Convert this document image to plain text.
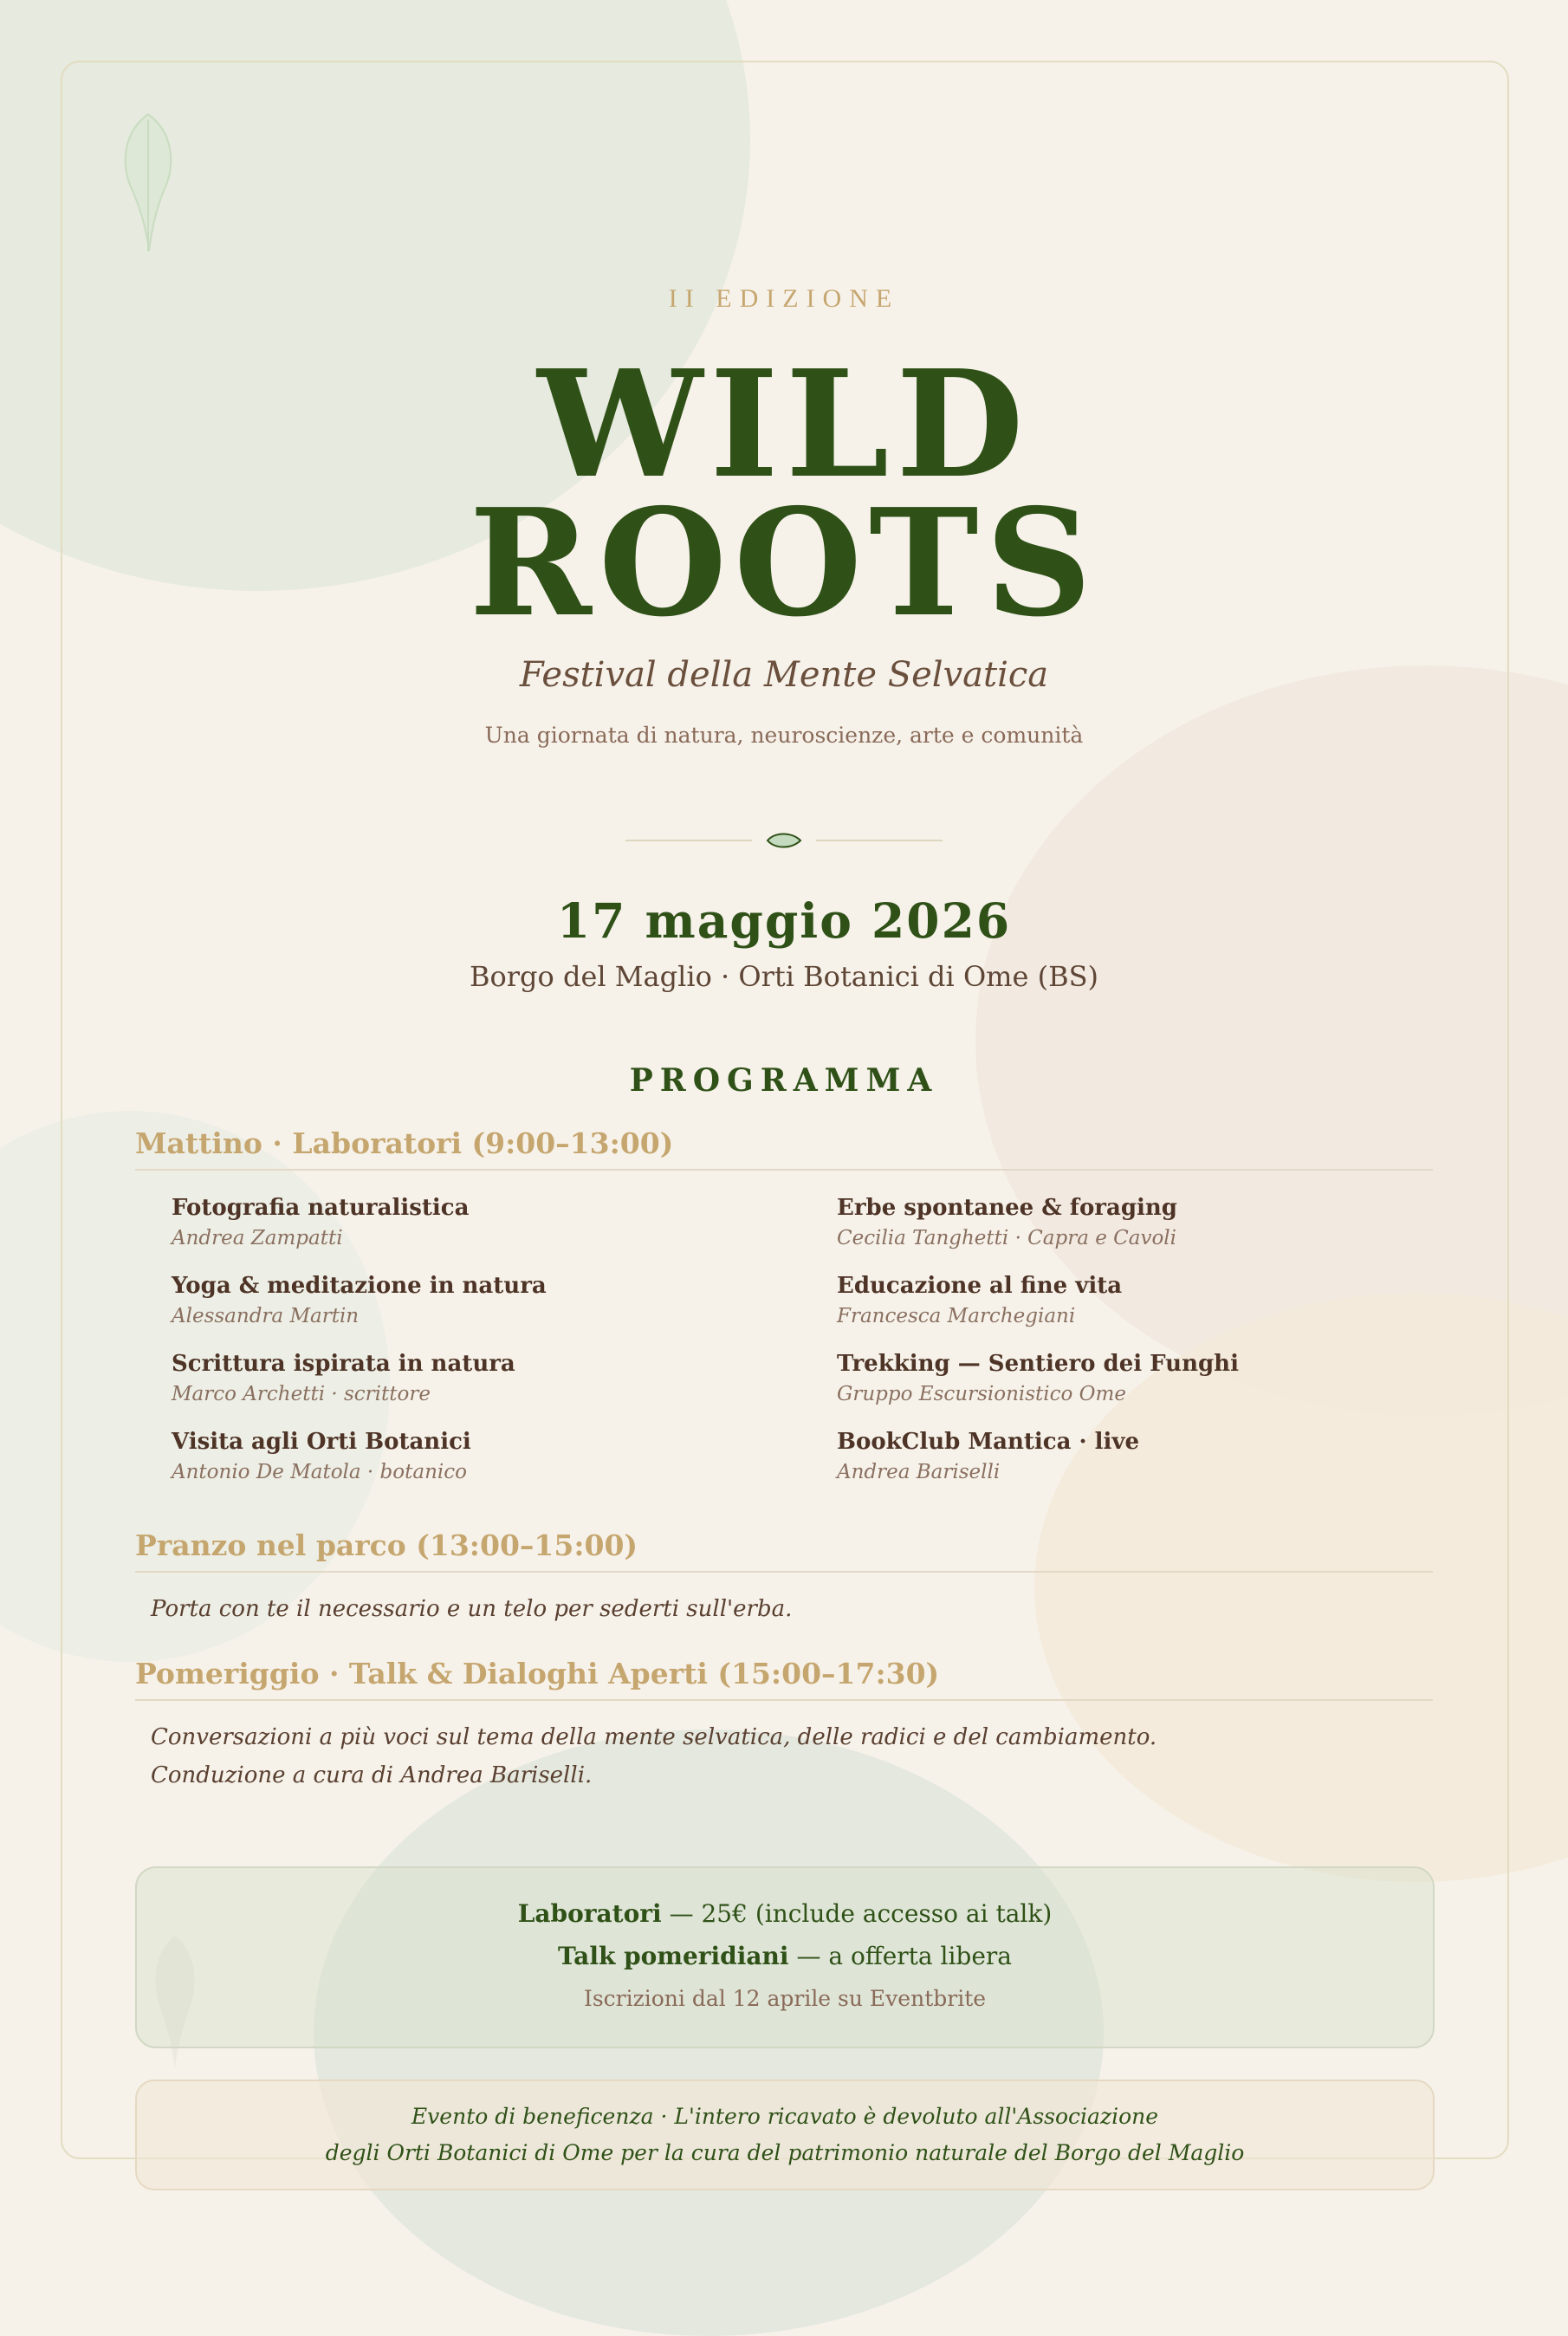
II EDIZIONE
WILD
ROOTS
Festival della Mente Selvatica
Una giornata di natura, neuroscienze, arte e comunità
17 maggio 2026
Borgo del Maglio · Orti Botanici di Ome (BS)
PROGRAMMA
Mattino · Laboratori (9:00–13:00)
Fotografia naturalistica
Andrea Zampatti
Erbe spontanee & foraging
Cecilia Tanghetti · Capra e Cavoli
Yoga & meditazione in natura
Alessandra Martin
Educazione al fine vita
Francesca Marchegiani
Scrittura ispirata in natura
Marco Archetti · scrittore
Trekking — Sentiero dei Funghi
Gruppo Escursionistico Ome
Visita agli Orti Botanici
Antonio De Matola · botanico
BookClub Mantica · live
Andrea Bariselli
Pranzo nel parco (13:00–15:00)
Porta con te il necessario e un telo per sederti sull'erba.
Pomeriggio · Talk & Dialoghi Aperti (15:00–17:30)
Conversazioni a più voci sul tema della mente selvatica, delle radici e del cambiamento.
Conduzione a cura di Andrea Bariselli.
Laboratori — 25€ (include accesso ai talk)
Talk pomeridiani — a offerta libera
Iscrizioni dal 12 aprile su Eventbrite
Evento di beneficenza · L'intero ricavato è devoluto all'Associazione
degli Orti Botanici di Ome per la cura del patrimonio naturale del Borgo del Maglio
